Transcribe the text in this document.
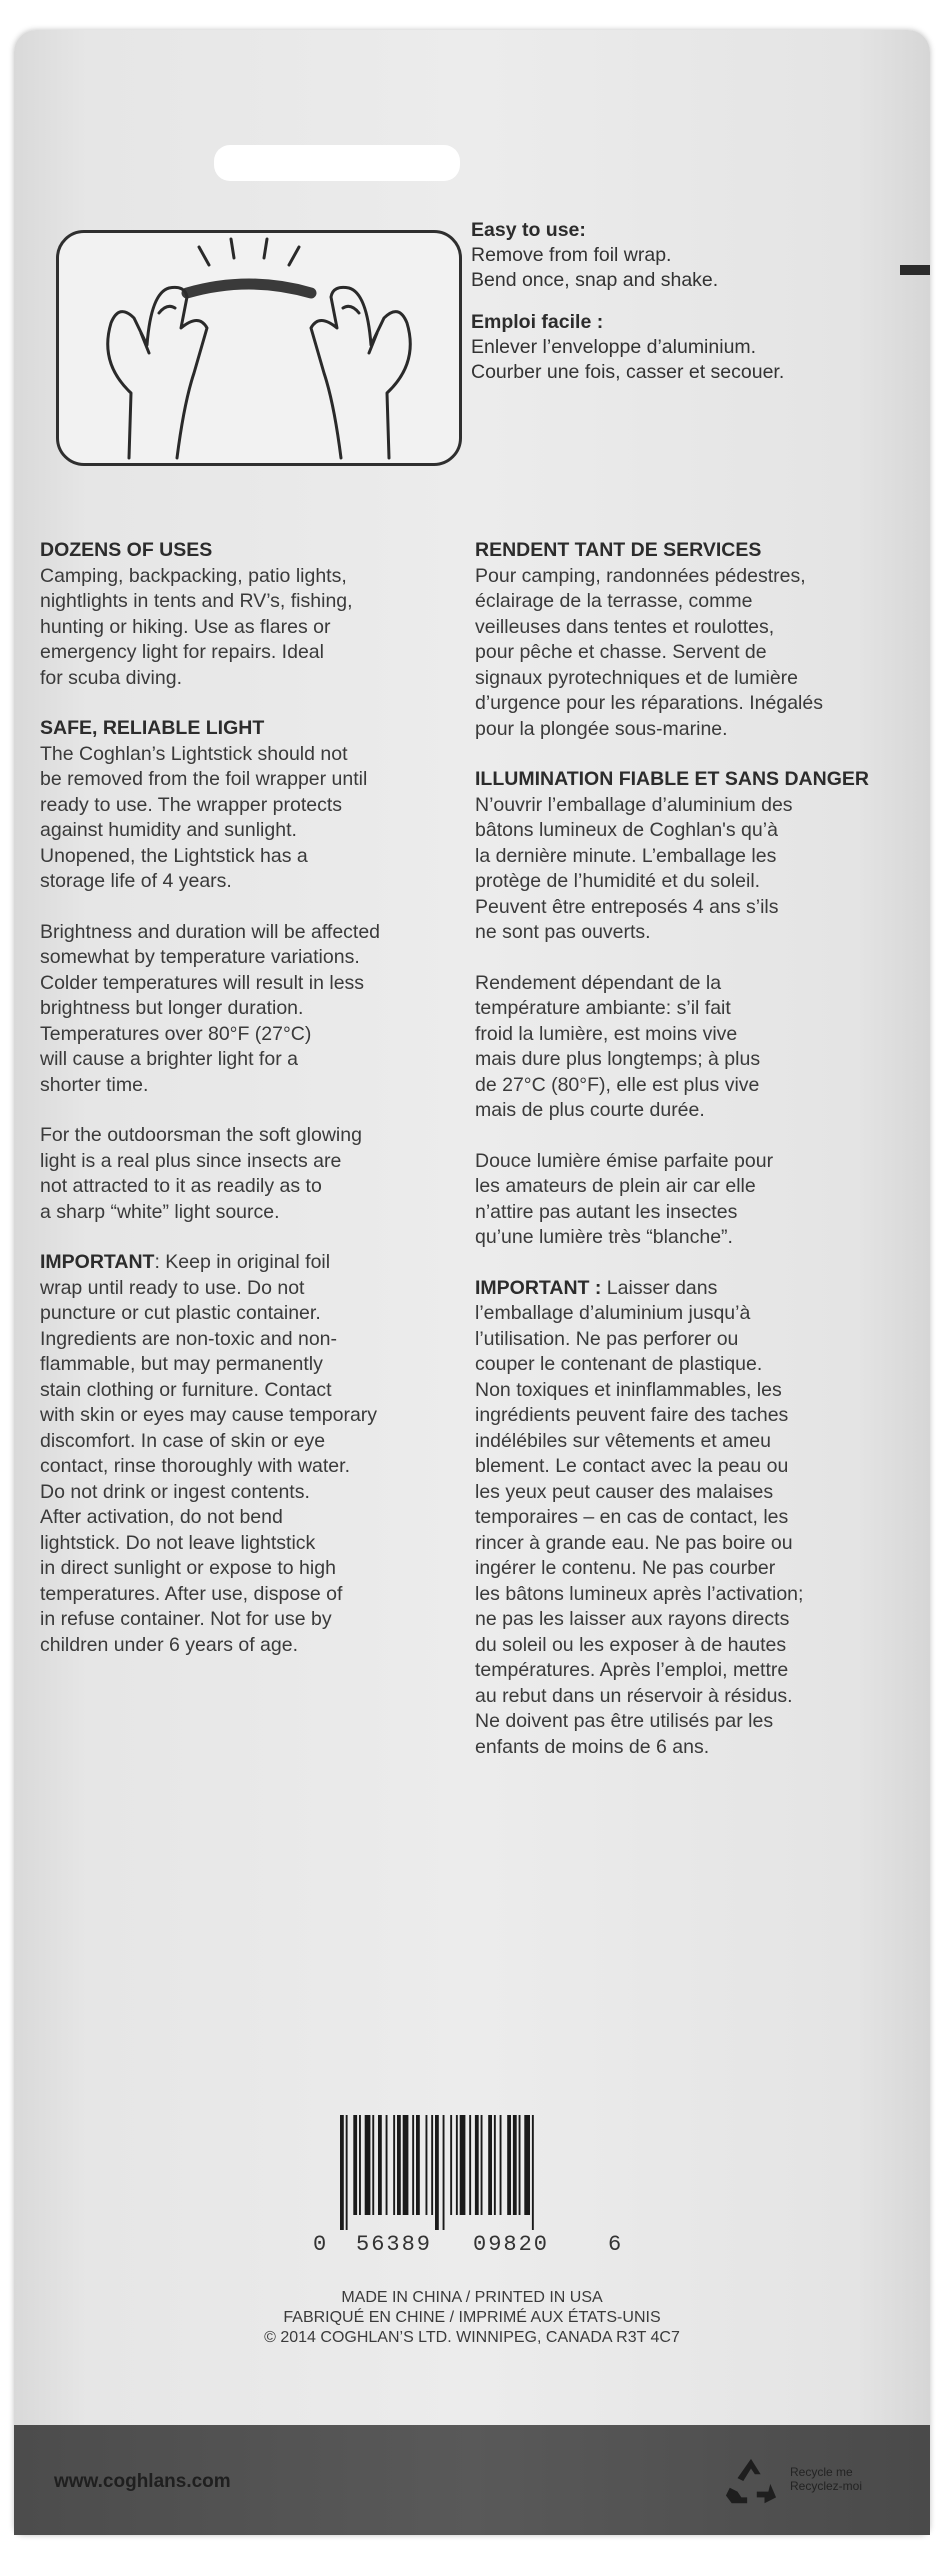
Easy to use:
Remove from foil wrap.
Bend once, snap and shake.
Emploi facile :
Enlever l’enveloppe d’aluminium.
Courber une fois, casser et secouer.
DOZENS OF USES
Camping, backpacking, patio lights,
nightlights in tents and RV’s, fishing,
hunting or hiking. Use as flares or
emergency light for repairs. Ideal
for scuba diving.
SAFE, RELIABLE LIGHT
The Coghlan’s Lightstick should not
be removed from the foil wrapper until
ready to use. The wrapper protects
against humidity and sunlight.
Unopened, the Lightstick has a
storage life of 4 years.
Brightness and duration will be affected
somewhat by temperature variations.
Colder temperatures will result in less
brightness but longer duration.
Temperatures over 80°F (27°C)
will cause a brighter light for a
shorter time.
For the outdoorsman the soft glowing
light is a real plus since insects are
not attracted to it as readily as to
a sharp “white” light source.
IMPORTANT: Keep in original foil
wrap until ready to use. Do not
puncture or cut plastic container.
Ingredients are non-toxic and non-
flammable, but may permanently
stain clothing or furniture. Contact
with skin or eyes may cause temporary
discomfort. In case of skin or eye
contact, rinse thoroughly with water.
Do not drink or ingest contents.
After activation, do not bend
lightstick. Do not leave lightstick
in direct sunlight or expose to high
temperatures. After use, dispose of
in refuse container. Not for use by
children under 6 years of age.
RENDENT TANT DE SERVICES
Pour camping, randonnées pédestres,
éclairage de la terrasse, comme
veilleuses dans tentes et roulottes,
pour pêche et chasse. Servent de
signaux pyrotechniques et de lumière
d’urgence pour les réparations. Inégalés
pour la plongée sous-marine.
ILLUMINATION FIABLE ET SANS DANGER
N’ouvrir l’emballage d’aluminium des
bâtons lumineux de Coghlan's qu’à
la dernière minute. L’emballage les
protège de l’humidité et du soleil.
Peuvent être entreposés 4 ans s’ils
ne sont pas ouverts.
Rendement dépendant de la
température ambiante: s’il fait
froid la lumière, est moins vive
mais dure plus longtemps; à plus
de 27°C (80°F), elle est plus vive
mais de plus courte durée.
Douce lumière émise parfaite pour
les amateurs de plein air car elle
n’attire pas autant les insectes
qu’une lumière très “blanche”.
IMPORTANT : Laisser dans
l’emballage d’aluminium jusqu’à
l’utilisation. Ne pas perforer ou
couper le contenant de plastique.
Non toxiques et ininflammables, les
ingrédients peuvent faire des taches
indélébiles sur vêtements et ameu
blement. Le contact avec la peau ou
les yeux peut causer des malaises
temporaires – en cas de contact, les
rincer à grande eau. Ne pas boire ou
ingérer le contenu. Ne pas courber
les bâtons lumineux après l’activation;
ne pas les laisser aux rayons directs
du soleil ou les exposer à de hautes
températures. Après l’emploi, mettre
au rebut dans un réservoir à résidus.
Ne doivent pas être utilisés par les
enfants de moins de 6 ans.
0 56389 09820	6
MADE IN CHINA / PRINTED IN USA
FABRIQUÉ EN CHINE / IMPRIMÉ AUX ÉTATS-UNIS
© 2014 COGHLAN’S LTD. WINNIPEG, CANADA R3T 4C7
www.coghlans.com	Recycle me
Recyclez-moi
